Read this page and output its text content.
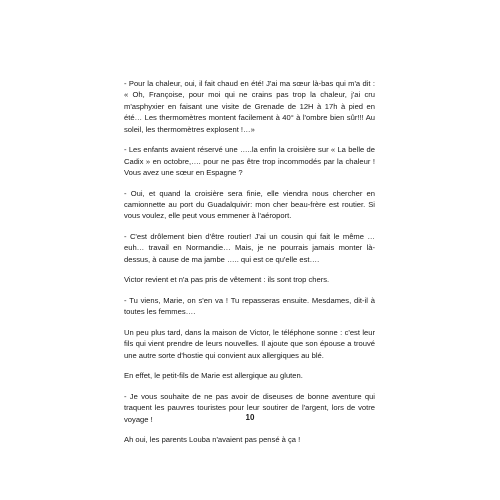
- Pour la chaleur, oui, il fait chaud en été! J'ai ma sœur là-bas qui m'a dit : « Oh, Françoise, pour moi qui ne crains pas trop la chaleur, j'ai cru m'asphyxier en faisant une visite de Grenade de 12H à 17h à pied en été… Les thermomètres montent facilement à 40° à l'ombre bien sûr!!! Au soleil, les thermomètres explosent !…»

- Les enfants avaient réservé une …..la enfin la croisière sur « La belle de Cadix » en octobre,…. pour ne pas être trop incommodés par la chaleur ! Vous avez une sœur en Espagne ?

- Oui, et quand la croisière sera finie, elle viendra nous chercher en camionnette au port du Guadalquivir: mon cher beau-frère est routier. Si vous voulez, elle peut vous emmener à l'aéroport.

- C'est drôlement bien d'être routier! J'ai un cousin qui fait le même … euh… travail en Normandie… Mais, je ne pourrais jamais monter là-dessus, à cause de ma jambe ….. qui est ce qu'elle est….

Victor revient et n'a pas pris de vêtement : ils sont trop chers.

- Tu viens, Marie, on s'en va ! Tu repasseras ensuite. Mesdames, dit-il à toutes les femmes….

Un peu plus tard, dans la maison de Victor, le téléphone sonne : c'est leur fils qui vient prendre de leurs nouvelles. Il ajoute que son épouse a trouvé une autre sorte d'hostie qui convient aux allergiques au blé.

En effet, le petit-fils de Marie est allergique au gluten.

- Je vous souhaite de ne pas avoir de diseuses de bonne aventure qui traquent les pauvres touristes pour leur soutirer de l'argent, lors de votre voyage !

Ah oui, les parents Louba n'avaient pas pensé à ça !

10
